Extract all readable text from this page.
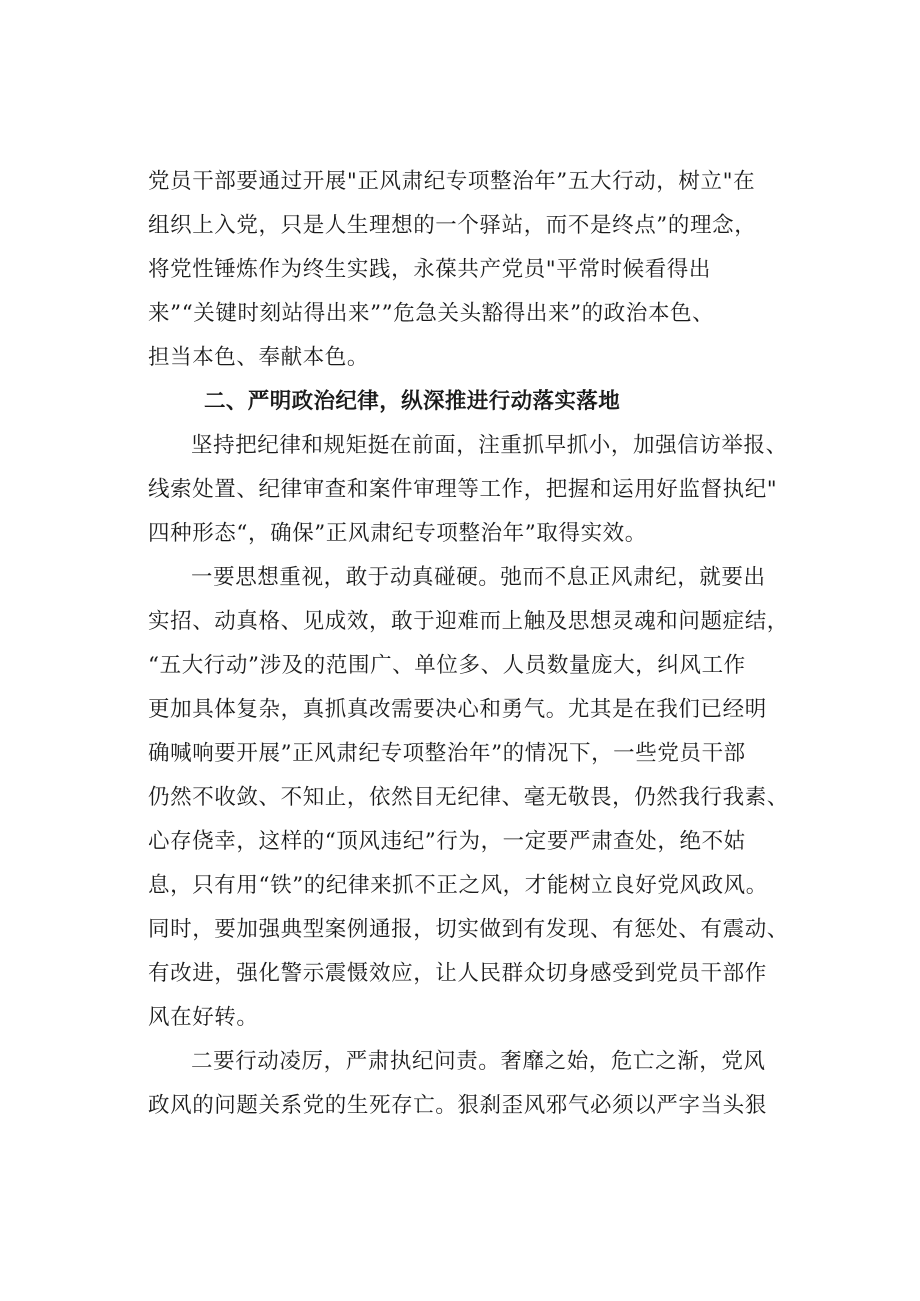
党员干部要通过开展"正风肃纪专项整治年”五大行动，树立"在
组织上入党，只是人生理想的一个驿站，而不是终点”的理念，
将党性锤炼作为终生实践，永葆共产党员"平常时候看得出
来”“关键时刻站得出来””危急关头豁得出来”的政治本色、
担当本色、奉献本色。
二、严明政治纪律，纵深推进行动落实落地
坚持把纪律和规矩挺在前面，注重抓早抓小，加强信访举报、
线索处置、纪律审查和案件审理等工作，把握和运用好监督执纪"
四种形态“，确保”正风肃纪专项整治年”取得实效。
一要思想重视，敢于动真碰硬。弛而不息正风肃纪，就要出
实招、动真格、见成效，敢于迎难而上触及思想灵魂和问题症结，
“五大行动”涉及的范围广、单位多、人员数量庞大，纠风工作
更加具体复杂，真抓真改需要决心和勇气。尤其是在我们已经明
确喊响要开展”正风肃纪专项整治年”的情况下，一些党员干部
仍然不收敛、不知止，依然目无纪律、毫无敬畏，仍然我行我素、
心存侥幸，这样的“顶风违纪”行为，一定要严肃查处，绝不姑
息，只有用“铁”的纪律来抓不正之风，才能树立良好党风政风。
同时，要加强典型案例通报，切实做到有发现、有惩处、有震动、
有改进，强化警示震慑效应，让人民群众切身感受到党员干部作
风在好转。
二要行动凌厉，严肃执纪问责。奢靡之始，危亡之渐，党风
政风的问题关系党的生死存亡。狠刹歪风邪气必须以严字当头狠
